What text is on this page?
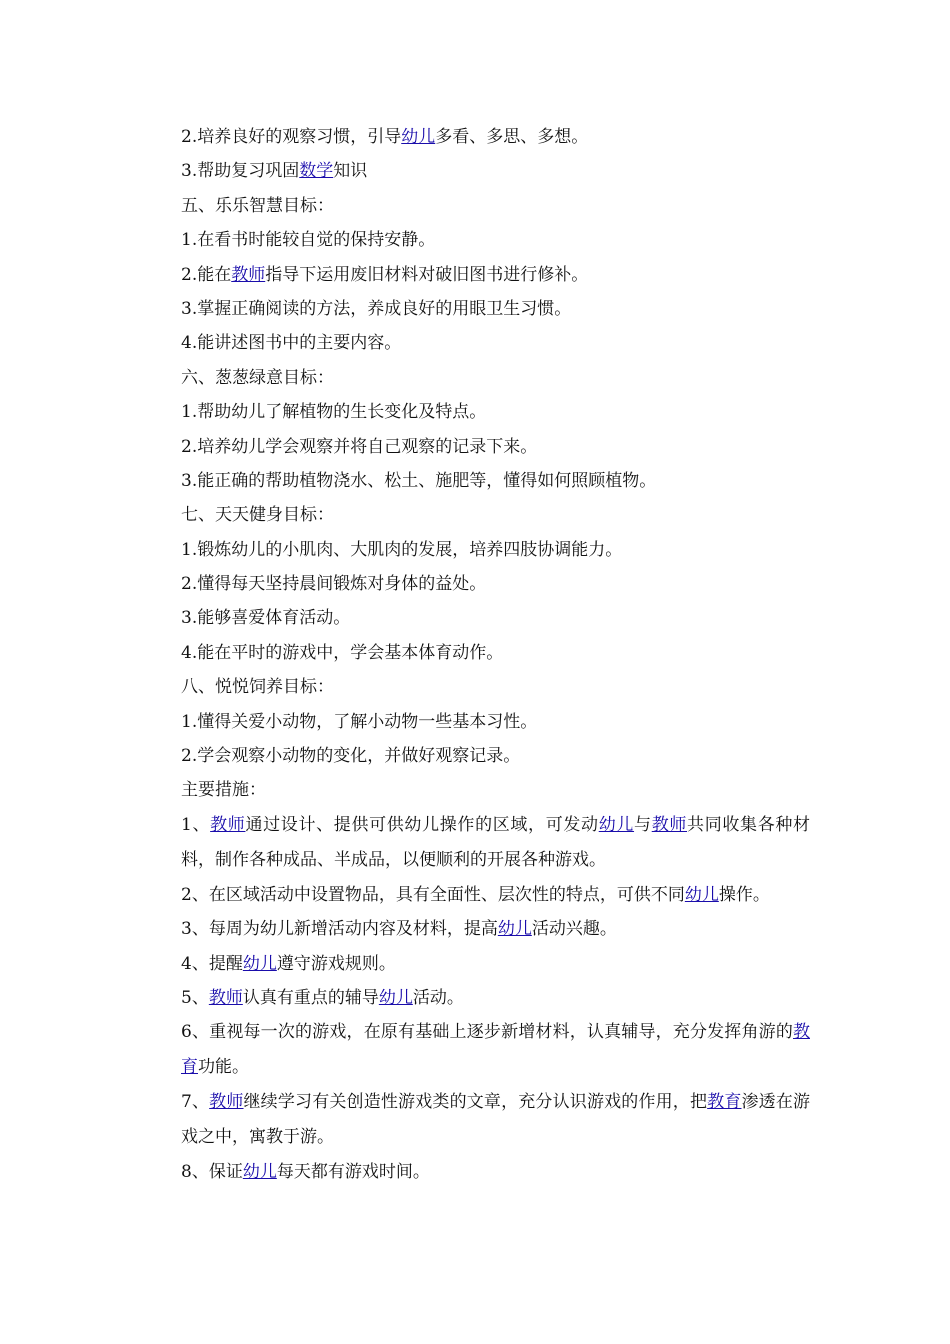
2.培养良好的观察习惯，引导幼儿多看、多思、多想。
3.帮助复习巩固数学知识
五、乐乐智慧目标：
1.在看书时能较自觉的保持安静。
2.能在教师指导下运用废旧材料对破旧图书进行修补。
3.掌握正确阅读的方法，养成良好的用眼卫生习惯。
4.能讲述图书中的主要内容。
六、葱葱绿意目标：
1.帮助幼儿了解植物的生长变化及特点。
2.培养幼儿学会观察并将自己观察的记录下来。
3.能正确的帮助植物浇水、松土、施肥等，懂得如何照顾植物。
七、天天健身目标：
1.锻炼幼儿的小肌肉、大肌肉的发展，培养四肢协调能力。
2.懂得每天坚持晨间锻炼对身体的益处。
3.能够喜爱体育活动。
4.能在平时的游戏中，学会基本体育动作。
八、悦悦饲养目标：
1.懂得关爱小动物，了解小动物一些基本习性。
2.学会观察小动物的变化，并做好观察记录。
主要措施：
1、教师通过设计、提供可供幼儿操作的区域，可发动幼儿与教师共同收集各种材料，制作各种成品、半成品，以便顺利的开展各种游戏。
2、在区域活动中设置物品，具有全面性、层次性的特点，可供不同幼儿操作。
3、每周为幼儿新增活动内容及材料，提高幼儿活动兴趣。
4、提醒幼儿遵守游戏规则。
5、教师认真有重点的辅导幼儿活动。
6、重视每一次的游戏，在原有基础上逐步新增材料，认真辅导，充分发挥角游的教育功能。
7、教师继续学习有关创造性游戏类的文章，充分认识游戏的作用，把教育渗透在游戏之中，寓教于游。
8、保证幼儿每天都有游戏时间。
